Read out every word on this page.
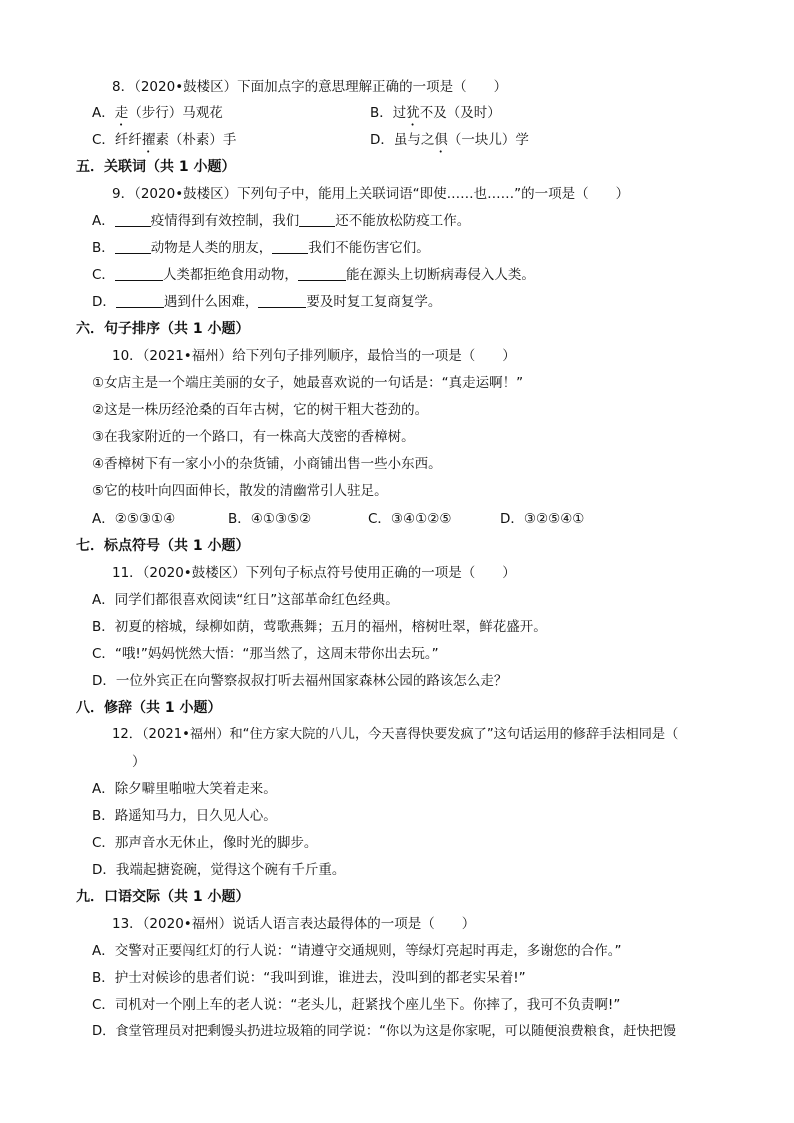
8．（2020•鼓楼区）下面加点字的意思理解正确的一项是（　　）
A．走（步行）马观花	B．过犹不及（及时）
C．纤纤擢素（朴素）手	D．虽与之俱（一块儿）学
五．关联词（共 1 小题）
9．（2020•鼓楼区）下列句子中，能用上关联词语“即使……也……”的一项是（　　）
A．	疫情得到有效控制，我们	还不能放松防疫工作。
B．	动物是人类的朋友，	我们不能伤害它们。
C．	人类都拒绝食用动物，	能在源头上切断病毒侵入人类。
D．	遇到什么困难，	要及时复工复商复学。
六．句子排序（共 1 小题）
10．（2021•福州）给下列句子排列顺序，最恰当的一项是（　　）
①女店主是一个端庄美丽的女子，她最喜欢说的一句话是：“真走运啊！”
②这是一株历经沧桑的百年古树，它的树干粗大苍劲的。
③在我家附近的一个路口，有一株高大茂密的香樟树。
④香樟树下有一家小小的杂货铺，小商铺出售一些小东西。
⑤它的枝叶向四面伸长，散发的清幽常引人驻足。
A．②⑤③①④	B．④①③⑤②	C．③④①②⑤	D．③②⑤④①
七．标点符号（共 1 小题）
11．（2020•鼓楼区）下列句子标点符号使用正确的一项是（　　）
A．同学们都很喜欢阅读“红日”这部革命红色经典。
B．初夏的榕城，绿柳如荫，莺歌燕舞；五月的福州，榕树吐翠，鲜花盛开。
C．“哦!”妈妈恍然大悟：“那当然了，这周末带你出去玩。”
D．一位外宾正在向警察叔叔打听去福州国家森林公园的路该怎么走？
八．修辞（共 1 小题）
12．（2021•福州）和“住方家大院的八儿，今天喜得快要发疯了”这句话运用的修辞手法相同是（
）
A．除夕噼里啪啦大笑着走来。
B．路遥知马力，日久见人心。
C．那声音水无休止，像时光的脚步。
D．我端起搪瓷碗，觉得这个碗有千斤重。
九．口语交际（共 1 小题）
13．（2020•福州）说话人语言表达最得体的一项是（　　）
A．交警对正要闯红灯的行人说：“请遵守交通规则，等绿灯亮起时再走，多谢您的合作。”
B．护士对候诊的患者们说：“我叫到谁，谁进去，没叫到的都老实呆着!”
C．司机对一个刚上车的老人说：“老头儿，赶紧找个座儿坐下。你摔了，我可不负责啊!”
D．食堂管理员对把剩馒头扔进垃圾箱的同学说：“你以为这是你家呢，可以随便浪费粮食，赶快把馒
